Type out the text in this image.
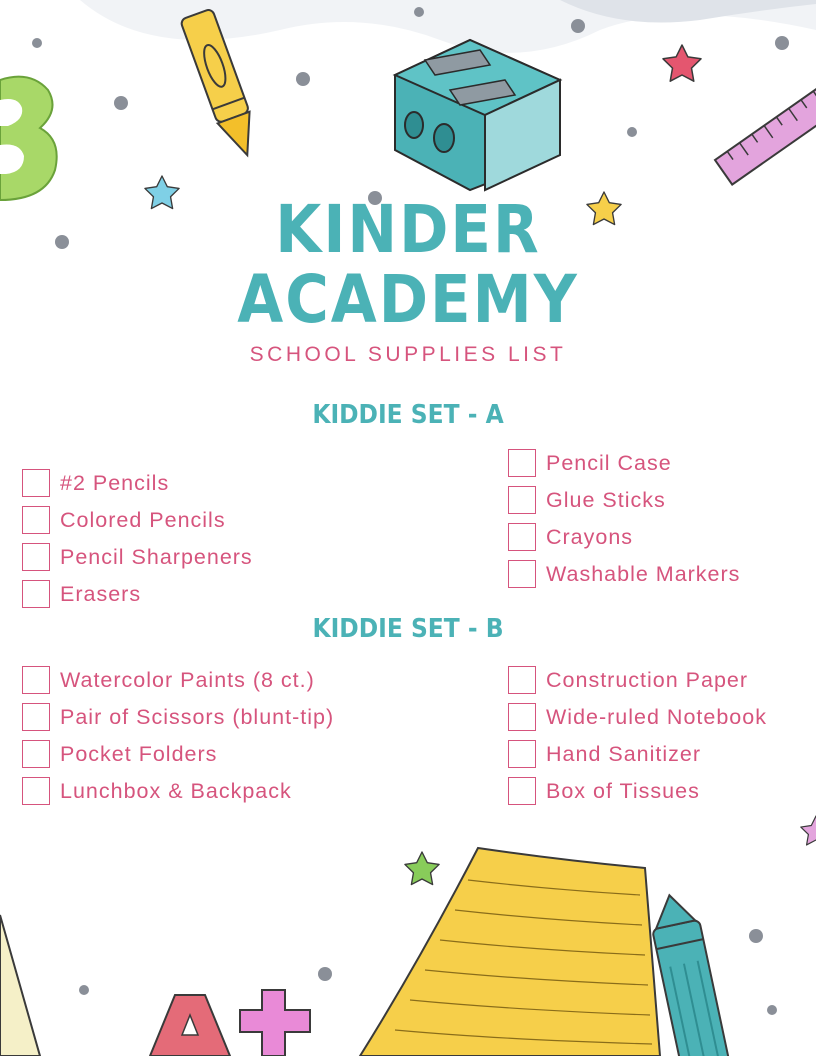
KINDER
ACADEMY

SCHOOL SUPPLIES LIST

KIDDIE SET - A
#2 Pencils
Colored Pencils
Pencil Sharpeners
Erasers
Pencil Case
Glue Sticks
Crayons
Washable Markers
KIDDIE SET - B
Watercolor Paints (8 ct.)
Pair of Scissors (blunt-tip)
Pocket Folders
Lunchbox & Backpack
Construction Paper
Wide-ruled Notebook
Hand Sanitizer
Box of Tissues
